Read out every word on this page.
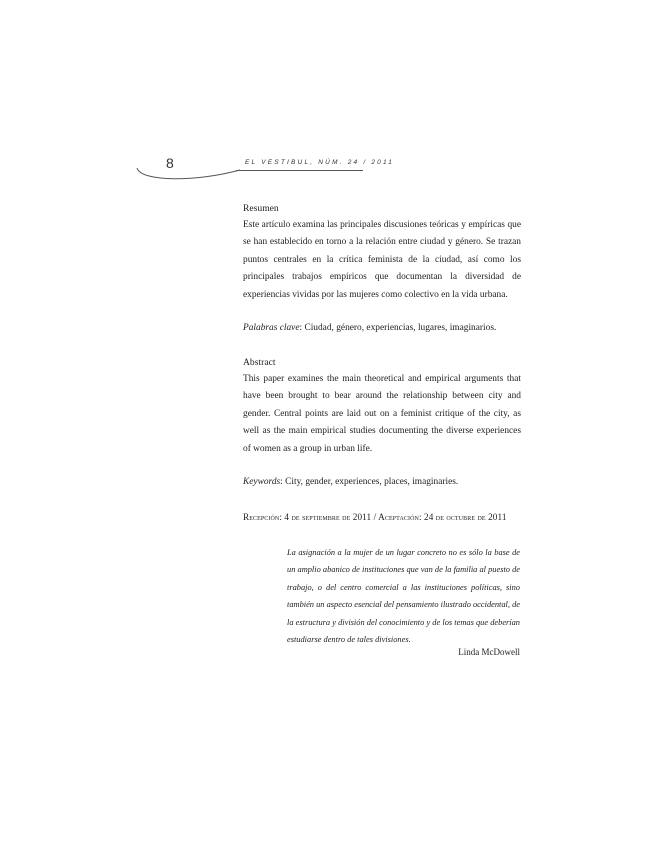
8	EL VESTIBUL, NÚM. 24 / 2011
Resumen
Este artículo examina las principales discusiones teóricas y empíricas que se han establecido en torno a la relación entre ciudad y género. Se trazan puntos centrales en la crítica feminista de la ciudad, así como los principales trabajos empíricos que documentan la diversidad de experiencias vividas por las mujeres como colectivo en la vida urbana.
Palabras clave: Ciudad, género, experiencias, lugares, imaginarios.
Abstract
This paper examines the main theoretical and empirical arguments that have been brought to bear around the relationship between city and gender. Central points are laid out on a feminist critique of the city, as well as the main empirical studies documenting the diverse experiences of women as a group in urban life.
Keywords: City, gender, experiences, places, imaginaries.
Recepción: 4 de septiembre de 2011 / Aceptación: 24 de octubre de 2011
La asignación a la mujer de un lugar concreto no es sólo la base de un amplio abanico de instituciones que van de la familia al puesto de trabajo, o del centro comercial a las instituciones políticas, sino también un aspecto esencial del pensamiento ilustrado occidental, de la estructura y división del conocimiento y de los temas que deberían estudiarse dentro de tales divisiones.
Linda McDowell
